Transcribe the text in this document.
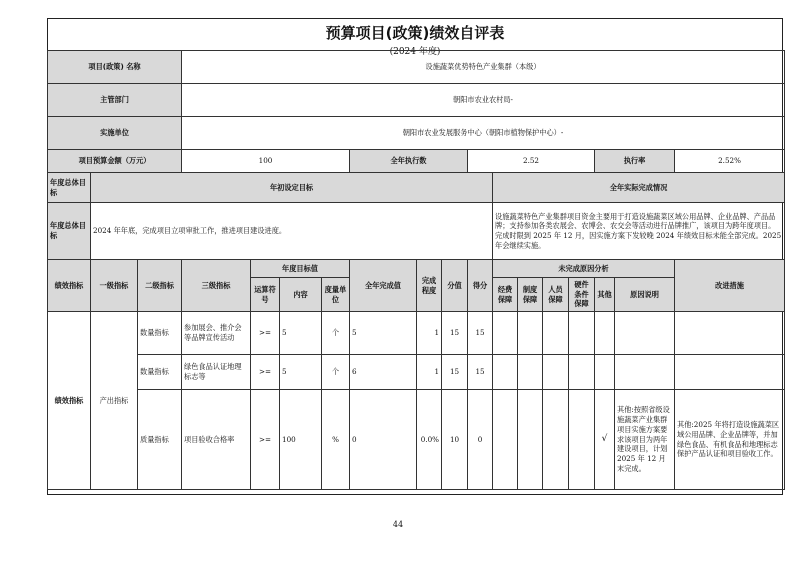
预算项目(政策)绩效自评表
(2024 年度)
项目(政策) 名称			设施蔬菜优势特色产业集群（本级）														
主管部门			朝阳市农业农村局-														
实施单位			朝阳市农业发展服务中心（朝阳市植物保护中心）-														
项目预算金额（万元）			100				全年执行数			2.52					执行率		2.52%
年度总体目标	年初设定目标										全年实际完成情况						
年度总体目标	2024 年年底，完成项目立项审批工作，推进项目建设进度。										设施蔬菜特色产业集群项目资金主要用于打造设施蔬菜区域公用品牌、企业品牌、产品品牌；支持参加各类农展会、农博会、农交会等活动进行品牌推广，该项目为跨年度项目。完成时限到 2025 年 12 月，因实施方案下发较晚 2024 年绩效目标未能全部完成。2025 年会继续实施。						
绩效指标	一级指标	二级指标	三级指标	年度目标值			全年完成值	完成程度	分值	得分	未完成原因分析						改进措施
				运算符号	内容	度量单位					经费保障	制度保障	人员保障	硬件条件保障	其他	原因说明	
绩效指标	产出指标	数量指标	参加展会、推介会等品牌宣传活动	>=	5	个	5	1	15	15							
		数量指标	绿色食品认证地理标志等	>=	5	个	6	1	15	15							
		质量指标	项目验收合格率	>=	100	%	0	0.0%	10	0					√	其他:按照省级设施蔬菜产业集群项目实施方案要求该项目为两年建设项目，计划 2025 年 12 月末完成。	其他:2025 年将打造设施蔬菜区域公用品牌、企业品牌等，并加绿色食品、有机食品和地理标志保护产品认证和项目验收工作。
44
